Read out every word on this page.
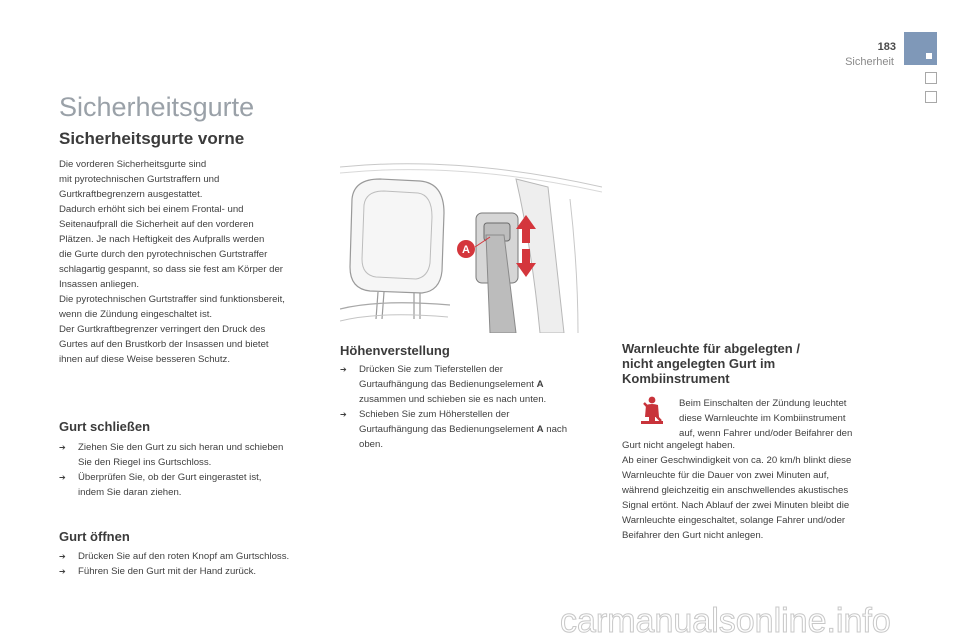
183
Sicherheit
Sicherheitsgurte
Sicherheitsgurte vorne
Die vorderen Sicherheitsgurte sind
mit pyrotechnischen Gurtstraffern und
Gurtkraftbegrenzern ausgestattet.
Dadurch erhöht sich bei einem Frontal- und
Seitenaufprall die Sicherheit auf den vorderen
Plätzen. Je nach Heftigkeit des Aufpralls werden
die Gurte durch den pyrotechnischen Gurtstraffer
schlagartig gespannt, so dass sie fest am Körper der
Insassen anliegen.
Die pyrotechnischen Gurtstraffer sind funktionsbereit,
wenn die Zündung eingeschaltet ist.
Der Gurtkraftbegrenzer verringert den Druck des
Gurtes auf den Brustkorb der Insassen und bietet
ihnen auf diese Weise besseren Schutz.
Gurt schließen
➔ Ziehen Sie den Gurt zu sich heran und schieben
Sie den Riegel ins Gurtschloss.
➔ Überprüfen Sie, ob der Gurt eingerastet ist,
indem Sie daran ziehen.
Gurt öffnen
➔ Drücken Sie auf den roten Knopf am Gurtschloss.
➔ Führen Sie den Gurt mit der Hand zurück.
A
Höhenverstellung
➔ Drücken Sie zum Tieferstellen der
Gurtaufhängung das Bedienungselement A
zusammen und schieben sie es nach unten.
➔ Schieben Sie zum Höherstellen der
Gurtaufhängung das Bedienungselement A nach
oben.
Warnleuchte für abgelegten /
nicht angelegten Gurt im
Kombiinstrument
Beim Einschalten der Zündung leuchtet
diese Warnleuchte im Kombiinstrument
auf, wenn Fahrer und/oder Beifahrer den
Gurt nicht angelegt haben.
Ab einer Geschwindigkeit von ca. 20 km/h blinkt diese
Warnleuchte für die Dauer von zwei Minuten auf,
während gleichzeitig ein anschwellendes akustisches
Signal ertönt. Nach Ablauf der zwei Minuten bleibt die
Warnleuchte eingeschaltet, solange Fahrer und/oder
Beifahrer den Gurt nicht anlegen.
carmanualsonline.info
